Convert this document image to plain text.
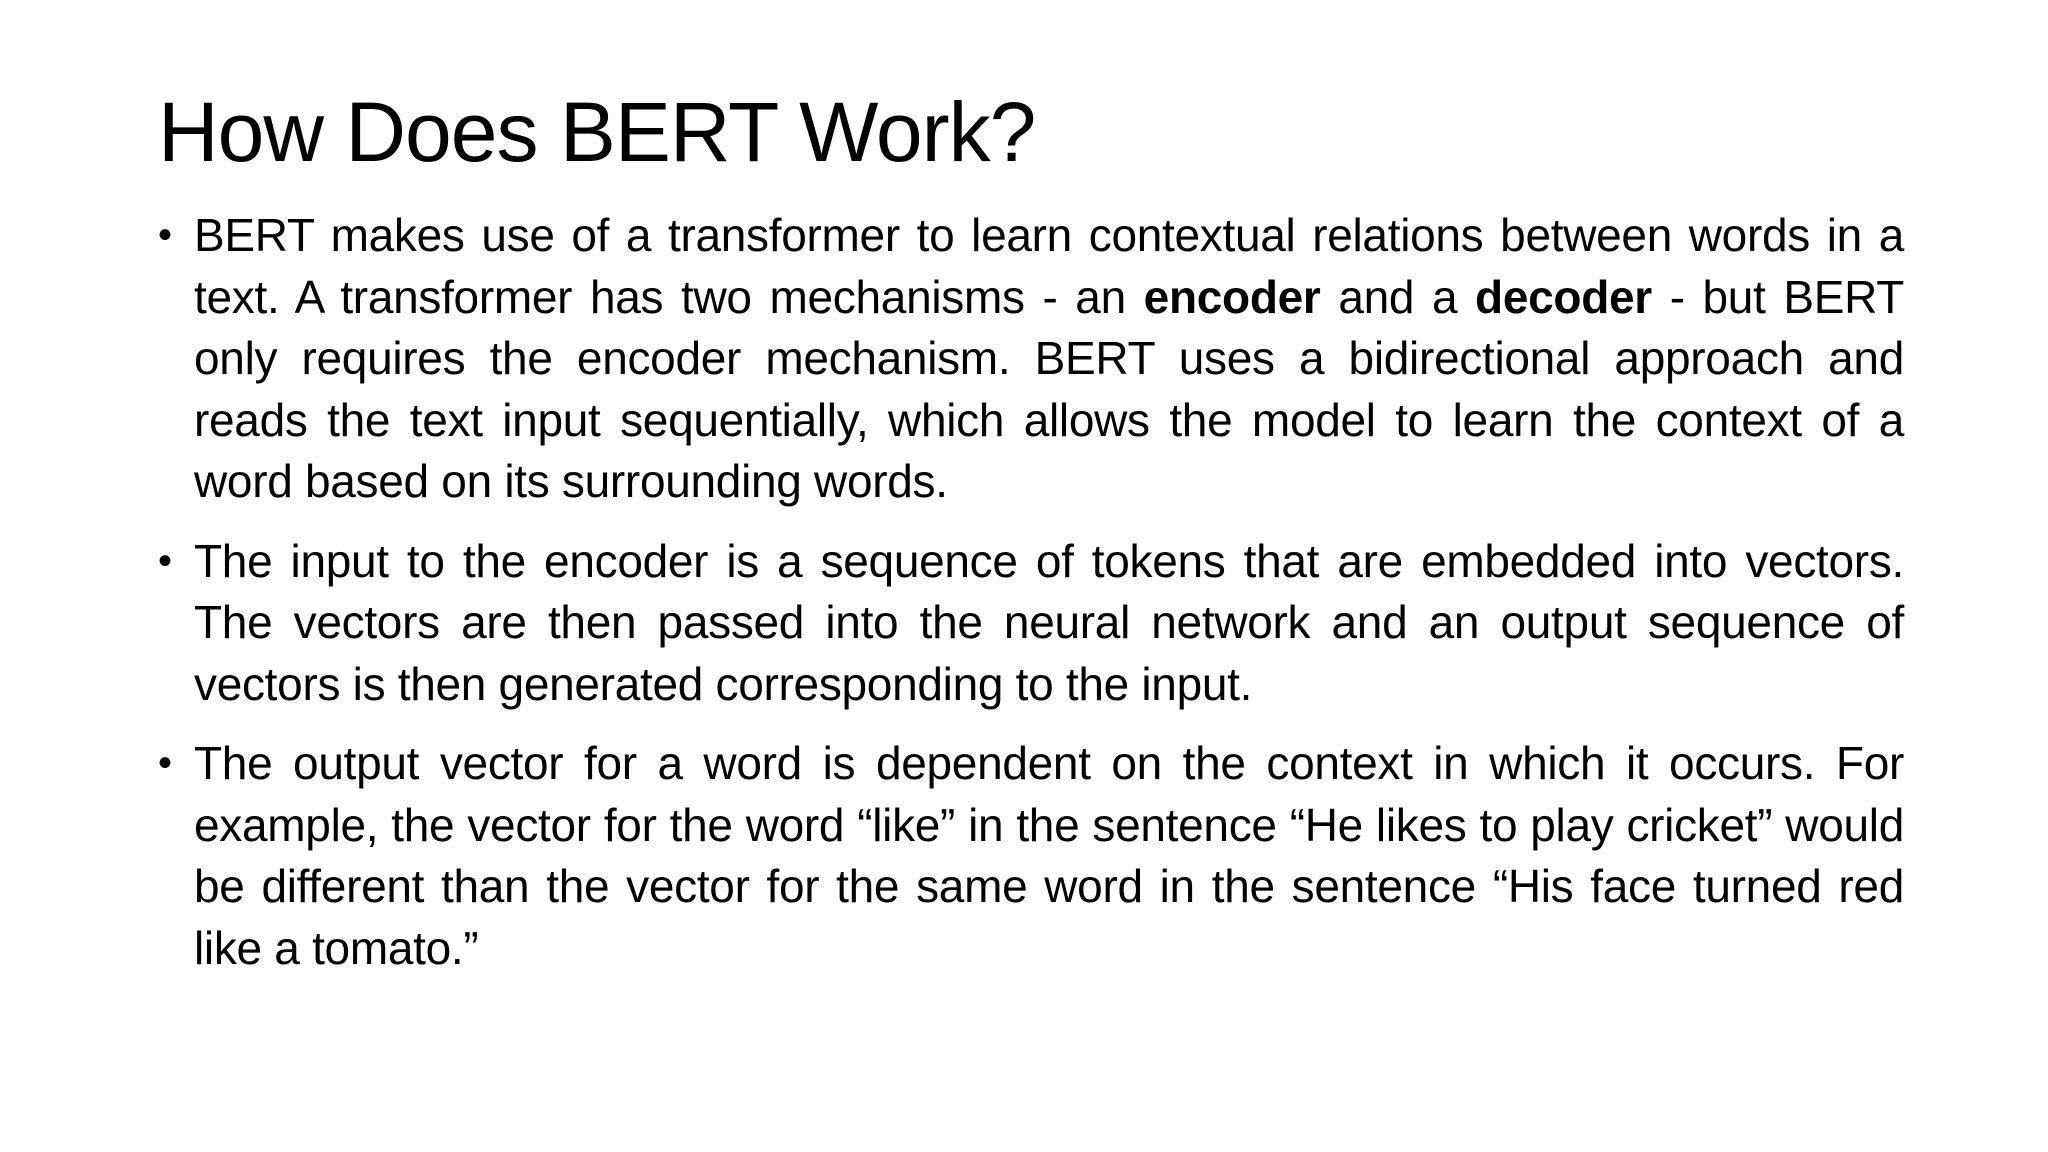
How Does BERT Work?
• BERT makes use of a transformer to learn contextual relations between words in a text. A transformer has two mechanisms - an encoder and a decoder - but BERT only requires the encoder mechanism. BERT uses a bidirectional approach and reads the text input sequentially, which allows the model to learn the context of a word based on its surrounding words.
• The input to the encoder is a sequence of tokens that are embedded into vectors. The vectors are then passed into the neural network and an output sequence of vectors is then generated corresponding to the input.
• The output vector for a word is dependent on the context in which it occurs. For example, the vector for the word “like” in the sentence “He likes to play cricket” would be different than the vector for the same word in the sentence “His face turned red like a tomato.”
